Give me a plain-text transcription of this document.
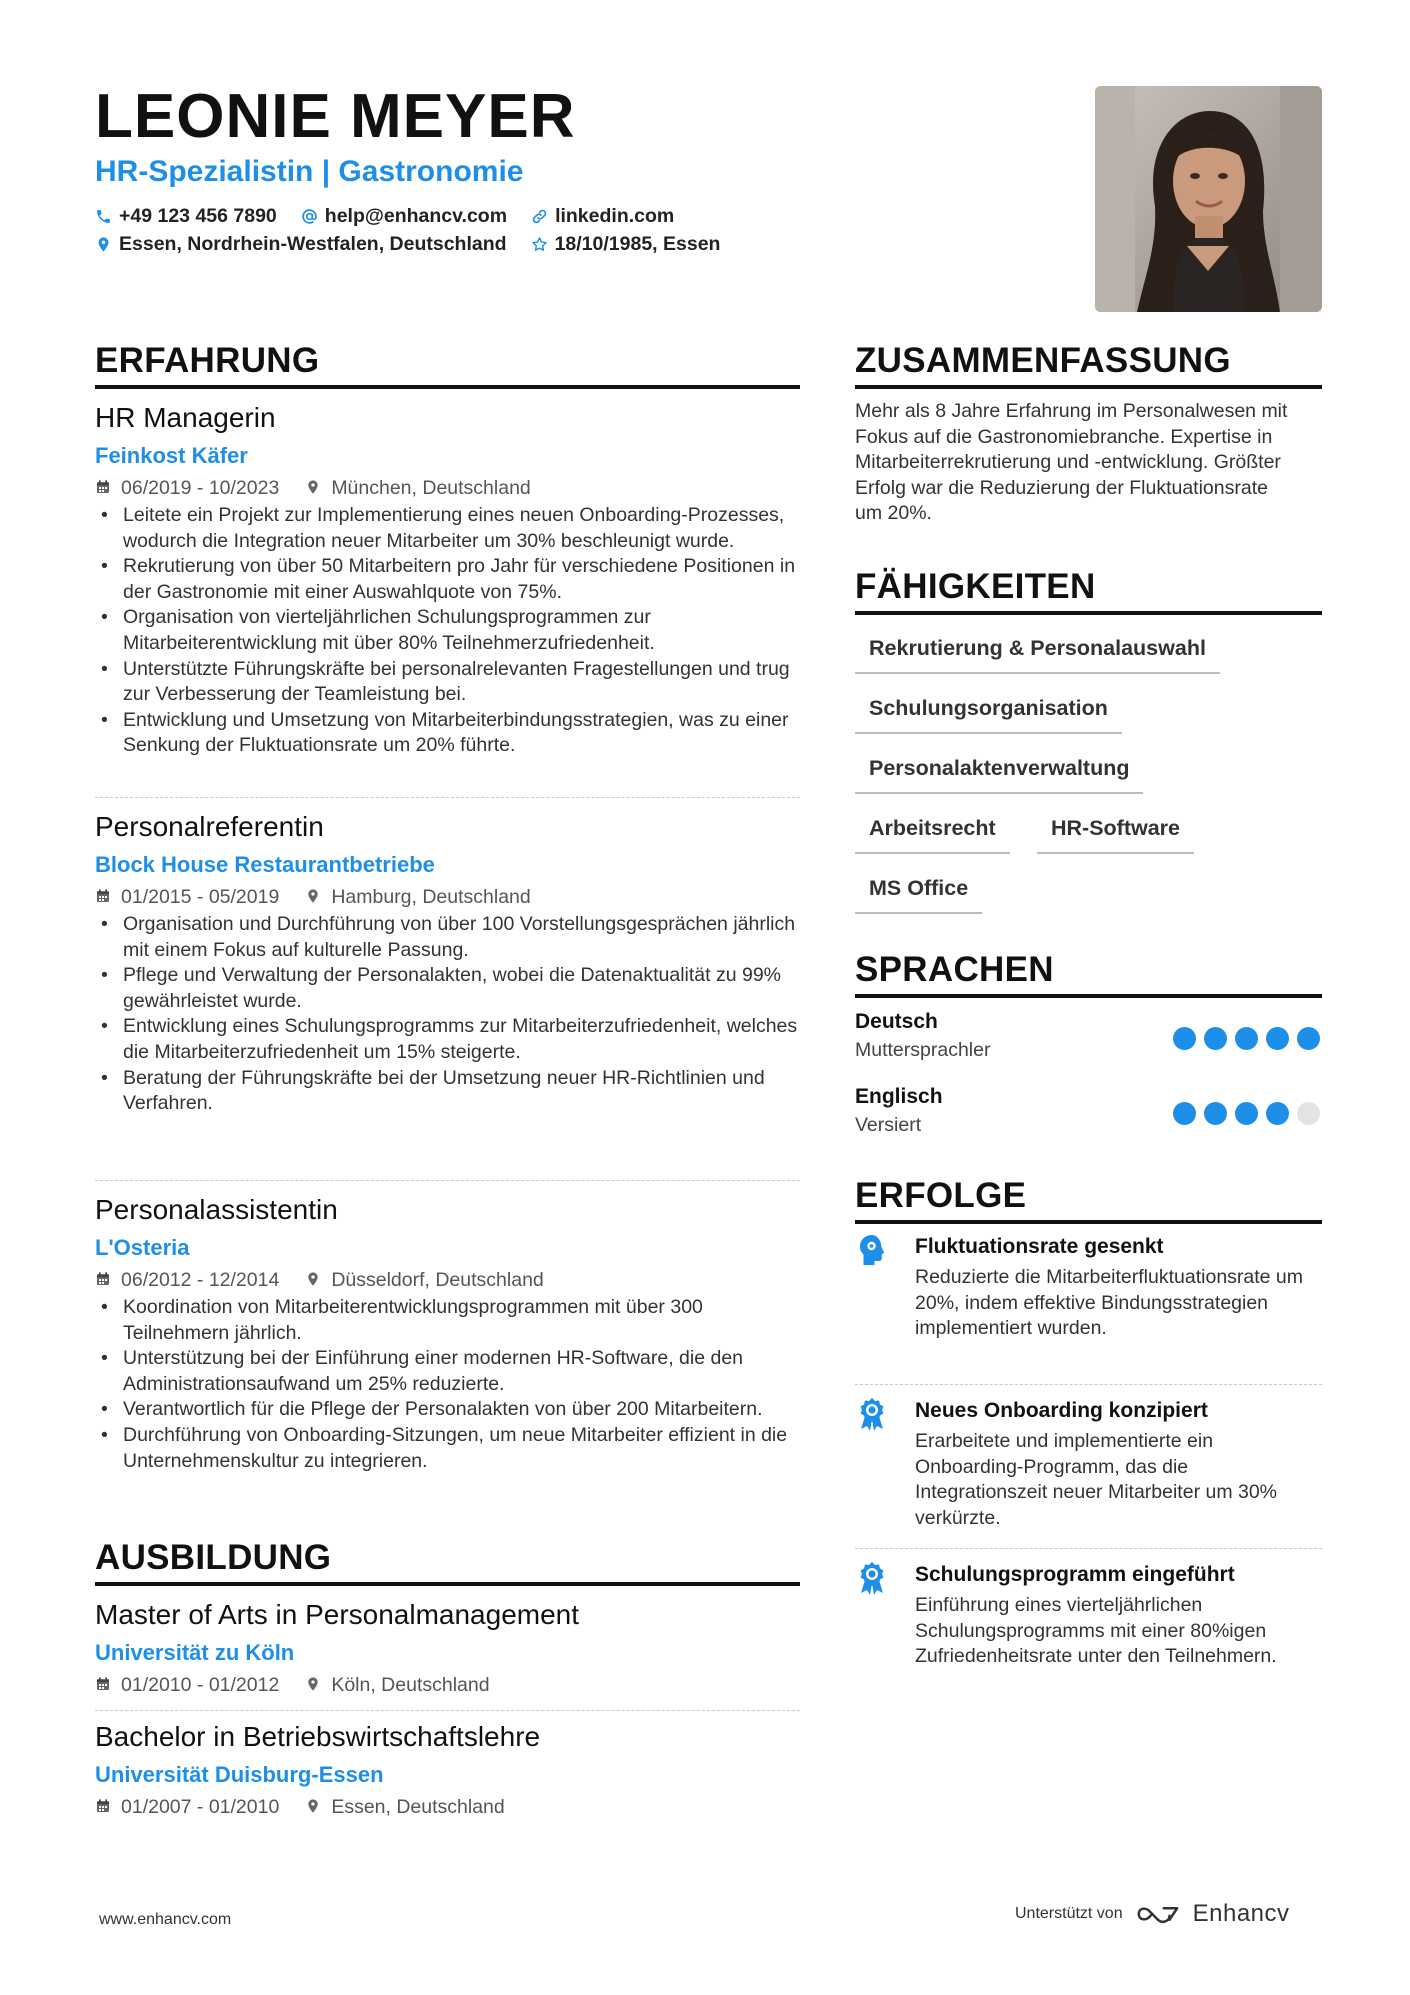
LEONIE MEYER
HR-Spezialistin | Gastronomie
+49 123 456 7890 help@enhancv.com linkedin.com
Essen, Nordrhein-Westfalen, Deutschland 18/10/1985, Essen
ERFAHRUNG
HR Managerin
Feinkost Käfer
06/2019 - 10/2023	München, Deutschland
• Leitete ein Projekt zur Implementierung eines neuen Onboarding-Prozesses, wodurch die Integration neuer Mitarbeiter um 30% beschleunigt wurde.
• Rekrutierung von über 50 Mitarbeitern pro Jahr für verschiedene Positionen in der Gastronomie mit einer Auswahlquote von 75%.
• Organisation von vierteljährlichen Schulungsprogrammen zur Mitarbeiterentwicklung mit über 80% Teilnehmerzufriedenheit.
• Unterstützte Führungskräfte bei personalrelevanten Fragestellungen und trug zur Verbesserung der Teamleistung bei.
• Entwicklung und Umsetzung von Mitarbeiterbindungsstrategien, was zu einer Senkung der Fluktuationsrate um 20% führte.
Personalreferentin
Block House Restaurantbetriebe
01/2015 - 05/2019	Hamburg, Deutschland
• Organisation und Durchführung von über 100 Vorstellungsgesprächen jährlich mit einem Fokus auf kulturelle Passung.
• Pflege und Verwaltung der Personalakten, wobei die Datenaktualität zu 99% gewährleistet wurde.
• Entwicklung eines Schulungsprogramms zur Mitarbeiterzufriedenheit, welches die Mitarbeiterzufriedenheit um 15% steigerte.
• Beratung der Führungskräfte bei der Umsetzung neuer HR-Richtlinien und Verfahren.
Personalassistentin
L'Osteria
06/2012 - 12/2014	Düsseldorf, Deutschland
• Koordination von Mitarbeiterentwicklungsprogrammen mit über 300 Teilnehmern jährlich.
• Unterstützung bei der Einführung einer modernen HR-Software, die den Administrationsaufwand um 25% reduzierte.
• Verantwortlich für die Pflege der Personalakten von über 200 Mitarbeitern.
• Durchführung von Onboarding-Sitzungen, um neue Mitarbeiter effizient in die Unternehmenskultur zu integrieren.
AUSBILDUNG
Master of Arts in Personalmanagement
Universität zu Köln
01/2010 - 01/2012	Köln, Deutschland
Bachelor in Betriebswirtschaftslehre
Universität Duisburg-Essen
01/2007 - 01/2010	Essen, Deutschland
ZUSAMMENFASSUNG

Mehr als 8 Jahre Erfahrung im Personalwesen mit Fokus auf die Gastronomiebranche. Expertise in Mitarbeiterrekrutierung und -entwicklung. Größter Erfolg war die Reduzierung der Fluktuationsrate um 20%.

FÄHIGKEITEN
Rekrutierung & Personalauswahl
Schulungsorganisation
Personalaktenverwaltung
Arbeitsrecht	HR-Software
MS Office
SPRACHEN
Deutsch
Muttersprachler
Englisch
Versiert
ERFOLGE
Fluktuationsrate gesenkt

Reduzierte die Mitarbeiterfluktuationsrate um 20%, indem effektive Bindungsstrategien implementiert wurden.

Neues Onboarding konzipiert

Erarbeitete und implementierte ein Onboarding-Programm, das die Integrationszeit neuer Mitarbeiter um 30% verkürzte.

Schulungsprogramm eingeführt

Einführung eines vierteljährlichen Schulungsprogramms mit einer 80%igen Zufriedenheitsrate unter den Teilnehmern.

www.enhancv.com	Unterstützt von	Enhancv
